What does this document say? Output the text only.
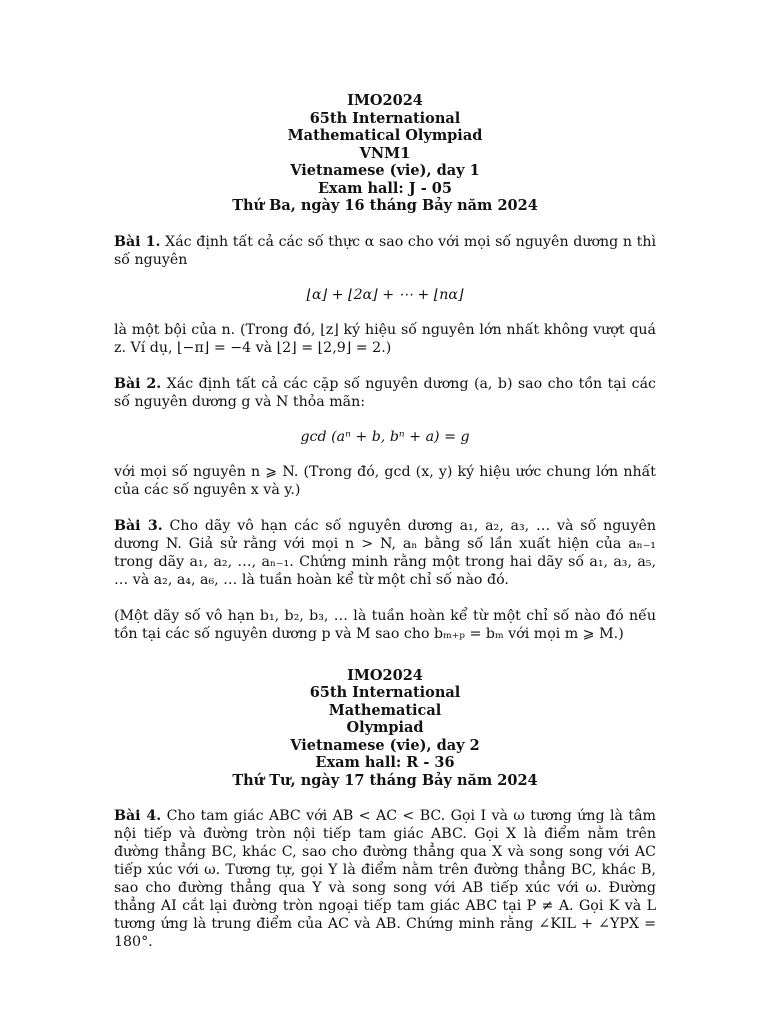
IMO2024
65th International
Mathematical Olympiad
VNM1
Vietnamese (vie), day 1
Exam hall: J - 05
Thứ Ba, ngày 16 tháng Bảy năm 2024
Bài 1. Xác định tất cả các số thực α sao cho với mọi số nguyên dương n thì số nguyên
⌊α⌋ + ⌊2α⌋ + ⋯ + ⌊nα⌋
là một bội của n. (Trong đó, ⌊z⌋ ký hiệu số nguyên lớn nhất không vượt quá z. Ví dụ, ⌊−π⌋ = −4 và ⌊2⌋ = ⌊2,9⌋ = 2.)
Bài 2. Xác định tất cả các cặp số nguyên dương (a, b) sao cho tồn tại các số nguyên dương g và N thỏa mãn:
gcd (aⁿ + b, bⁿ + a) = g
với mọi số nguyên n ⩾ N. (Trong đó, gcd (x, y) ký hiệu ước chung lớn nhất của các số nguyên x và y.)
Bài 3. Cho dãy vô hạn các số nguyên dương a₁, a₂, a₃, … và số nguyên dương N. Giả sử rằng với mọi n > N, aₙ bằng số lần xuất hiện của aₙ₋₁ trong dãy a₁, a₂, …, aₙ₋₁. Chứng minh rằng một trong hai dãy số a₁, a₃, a₅, … và a₂, a₄, a₆, … là tuần hoàn kể từ một chỉ số nào đó.
(Một dãy số vô hạn b₁, b₂, b₃, … là tuần hoàn kể từ một chỉ số nào đó nếu tồn tại các số nguyên dương p và M sao cho bₘ₊ₚ = bₘ với mọi m ⩾ M.)
IMO2024
65th International
Mathematical
Olympiad
Vietnamese (vie), day 2
Exam hall: R - 36
Thứ Tư, ngày 17 tháng Bảy năm 2024
Bài 4. Cho tam giác ABC với AB < AC < BC. Gọi I và ω tương ứng là tâm nội tiếp và đường tròn nội tiếp tam giác ABC. Gọi X là điểm nằm trên đường thẳng BC, khác C, sao cho đường thẳng qua X và song song với AC tiếp xúc với ω. Tương tự, gọi Y là điểm nằm trên đường thẳng BC, khác B, sao cho đường thẳng qua Y và song song với AB tiếp xúc với ω. Đường thẳng AI cắt lại đường tròn ngoại tiếp tam giác ABC tại P ≠ A. Gọi K và L tương ứng là trung điểm của AC và AB. Chứng minh rằng ∠KIL + ∠YPX = 180°.
